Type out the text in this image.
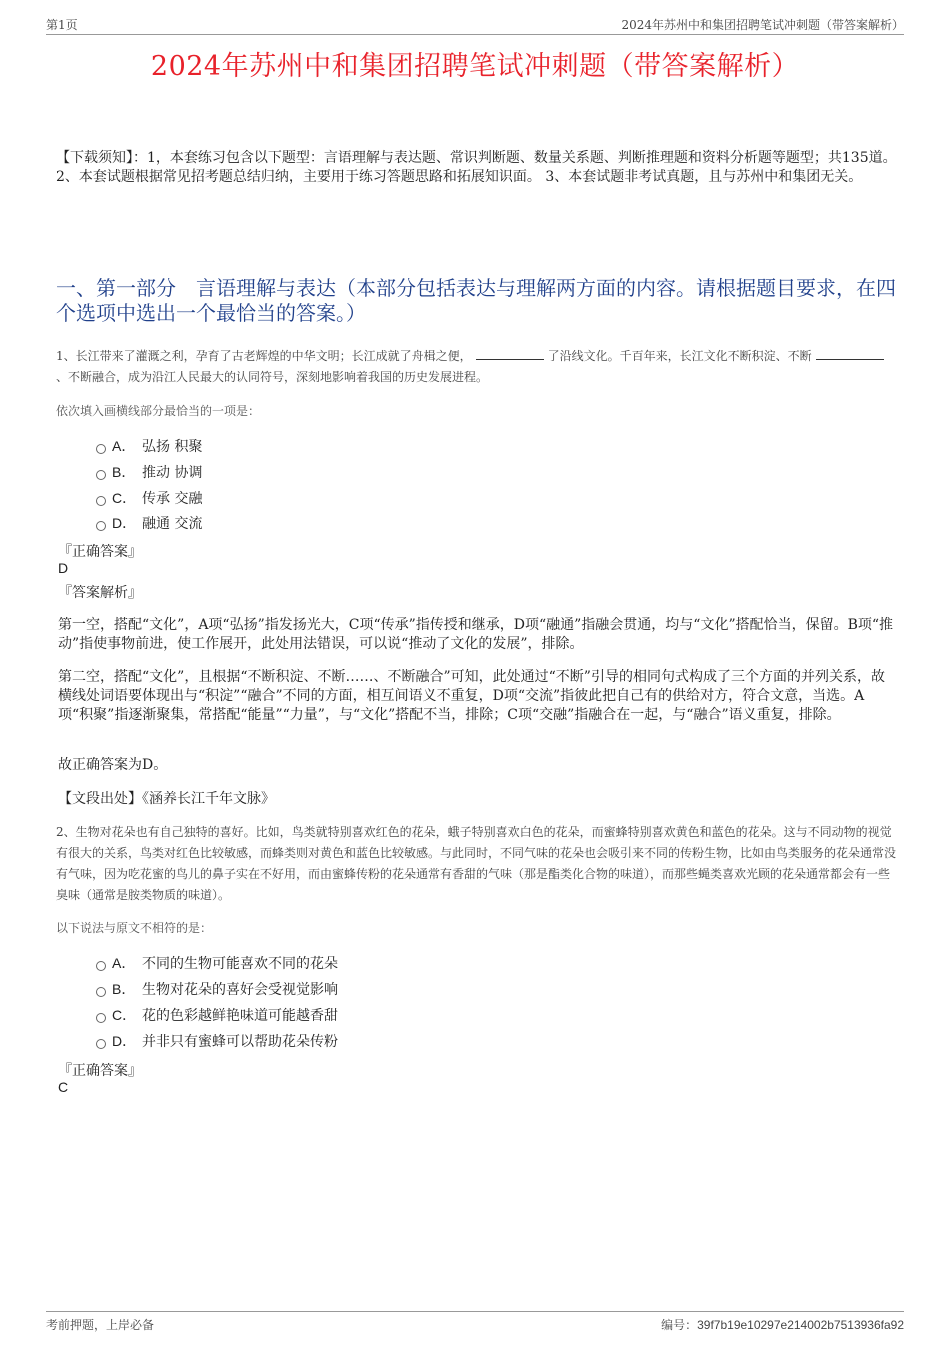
第1页	2024年苏州中和集团招聘笔试冲刺题（带答案解析）
2024年苏州中和集团招聘笔试冲刺题（带答案解析）
【下载须知】：1，本套练习包含以下题型：言语理解与表达题、常识判断题、数量关系题、判断推理题和资料分析题等题型；共135道。 2、本套试题根据常见招考题总结归纳，主要用于练习答题思路和拓展知识面。 3、本套试题非考试真题，且与苏州中和集团无关。
一、第一部分　言语理解与表达（本部分包括表达与理解两方面的内容。请根据题目要求，在四个选项中选出一个最恰当的答案。）
1、长江带来了灌溉之利，孕育了古老辉煌的中华文明；长江成就了舟楫之便，	了沿线文化。千百年来，长江文化不断积淀、不断、不断融合，成为沿江人民最大的认同符号，深刻地影响着我国的历史发展进程。
依次填入画横线部分最恰当的一项是：
A． 弘扬 积聚
B． 推动 协调
C． 传承 交融
D． 融通 交流
『正确答案』
D
『答案解析』
第一空，搭配“文化”，A项“弘扬”指发扬光大，C项“传承”指传授和继承，D项“融通”指融会贯通，均与“文化”搭配恰当，保留。B项“推动”指使事物前进，使工作展开，此处用法错误，可以说“推动了文化的发展”，排除。
第二空，搭配“文化”，且根据“不断积淀、不断……、不断融合”可知，此处通过“不断”引导的相同句式构成了三个方面的并列关系，故横线处词语要体现出与“积淀”“融合”不同的方面，相互间语义不重复，D项“交流”指彼此把自己有的供给对方，符合文意，当选。A项“积聚”指逐渐聚集，常搭配“能量”“力量”，与“文化”搭配不当，排除；C项“交融”指融合在一起，与“融合”语义重复，排除。
故正确答案为D。
【文段出处】《涵养长江千年文脉》
2、生物对花朵也有自己独特的喜好。比如，鸟类就特别喜欢红色的花朵，蛾子特别喜欢白色的花朵，而蜜蜂特别喜欢黄色和蓝色的花朵。这与不同动物的视觉有很大的关系，鸟类对红色比较敏感，而蜂类则对黄色和蓝色比较敏感。与此同时，不同气味的花朵也会吸引来不同的传粉生物，比如由鸟类服务的花朵通常没有气味，因为吃花蜜的鸟儿的鼻子实在不好用，而由蜜蜂传粉的花朵通常有香甜的气味（那是酯类化合物的味道），而那些蝇类喜欢光顾的花朵通常都会有一些臭味（通常是胺类物质的味道）。
以下说法与原文不相符的是：
A． 不同的生物可能喜欢不同的花朵
B． 生物对花朵的喜好会受视觉影响
C． 花的色彩越鲜艳味道可能越香甜
D． 并非只有蜜蜂可以帮助花朵传粉
『正确答案』
C
考前押题，上岸必备	编号：39f7b19e10297e214002b7513936fa92
